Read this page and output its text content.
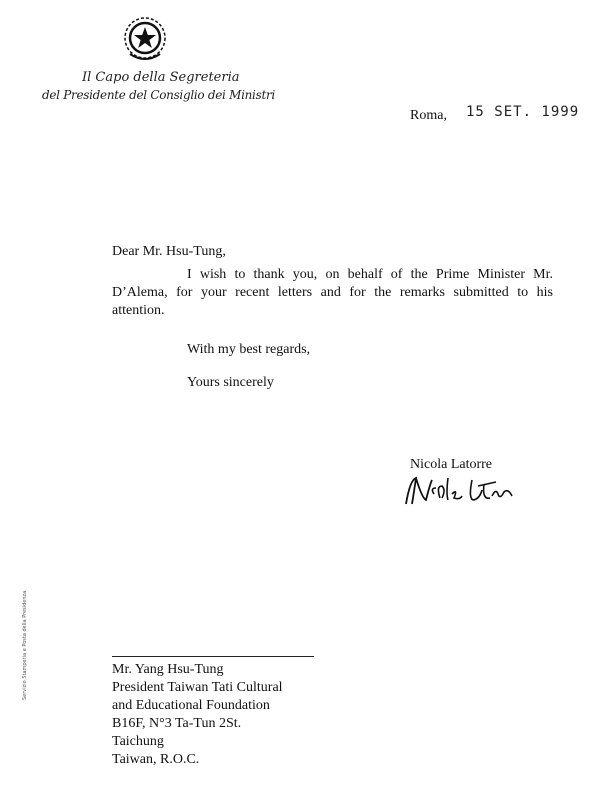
Il Capo della Segreteria
del Presidente del Consiglio dei Ministri
Roma, 15 SET. 1999
Dear Mr. Hsu-Tung,
I wish to thank you, on behalf of the Prime Minister Mr. D’Alema, for your recent letters and for the remarks submitted to his attention.
With my best regards,
Yours sincerely
Nicola Latorre
Servizio Stamperia e Posta della Presidenza	Mr. Yang Hsu-Tung
President Taiwan Tati Cultural
and Educational Foundation
B16F, N°3 Ta-Tun 2St.
Taichung
Taiwan, R.O.C.
